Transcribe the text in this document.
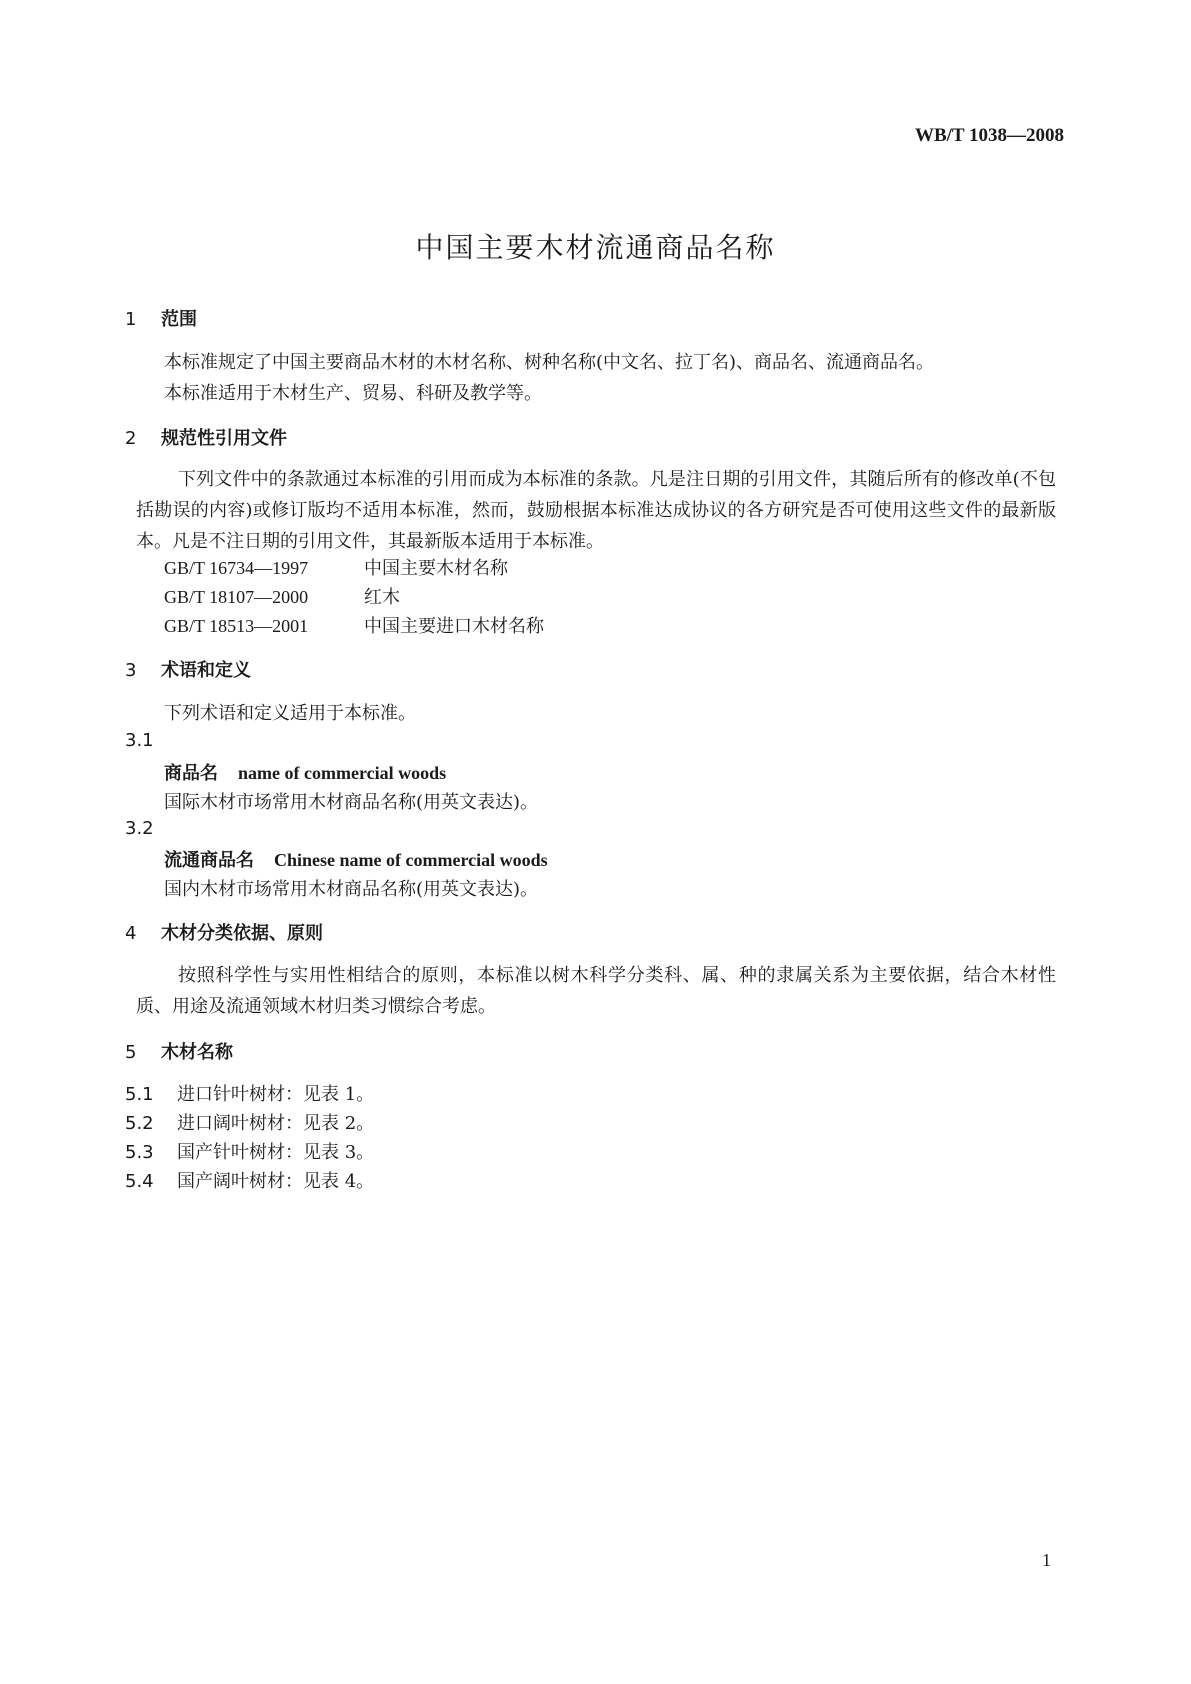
WB/T 1038—2008
中国主要木材流通商品名称
1 范围
本标准规定了中国主要商品木材的木材名称、树种名称(中文名、拉丁名)、商品名、流通商品名。
本标准适用于木材生产、贸易、科研及教学等。
2 规范性引用文件
下列文件中的条款通过本标准的引用而成为本标准的条款。凡是注日期的引用文件，其随后所有的修改单(不包括勘误的内容)或修订版均不适用本标准，然而，鼓励根据本标准达成协议的各方研究是否可使用这些文件的最新版本。凡是不注日期的引用文件，其最新版本适用于本标准。
GB/T 16734—1997	中国主要木材名称
GB/T 18107—2000	红木
GB/T 18513—2001	中国主要进口木材名称
3 术语和定义
下列术语和定义适用于本标准。
3.1
商品名 name of commercial woods
国际木材市场常用木材商品名称(用英文表达)。
3.2
流通商品名 Chinese name of commercial woods
国内木材市场常用木材商品名称(用英文表达)。
4 木材分类依据、原则
按照科学性与实用性相结合的原则，本标准以树木科学分类科、属、种的隶属关系为主要依据，结合木材性质、用途及流通领域木材归类习惯综合考虑。
5 木材名称
5.1 进口针叶树材：见表 1。
5.2 进口阔叶树材：见表 2。
5.3 国产针叶树材：见表 3。
5.4 国产阔叶树材：见表 4。
1
